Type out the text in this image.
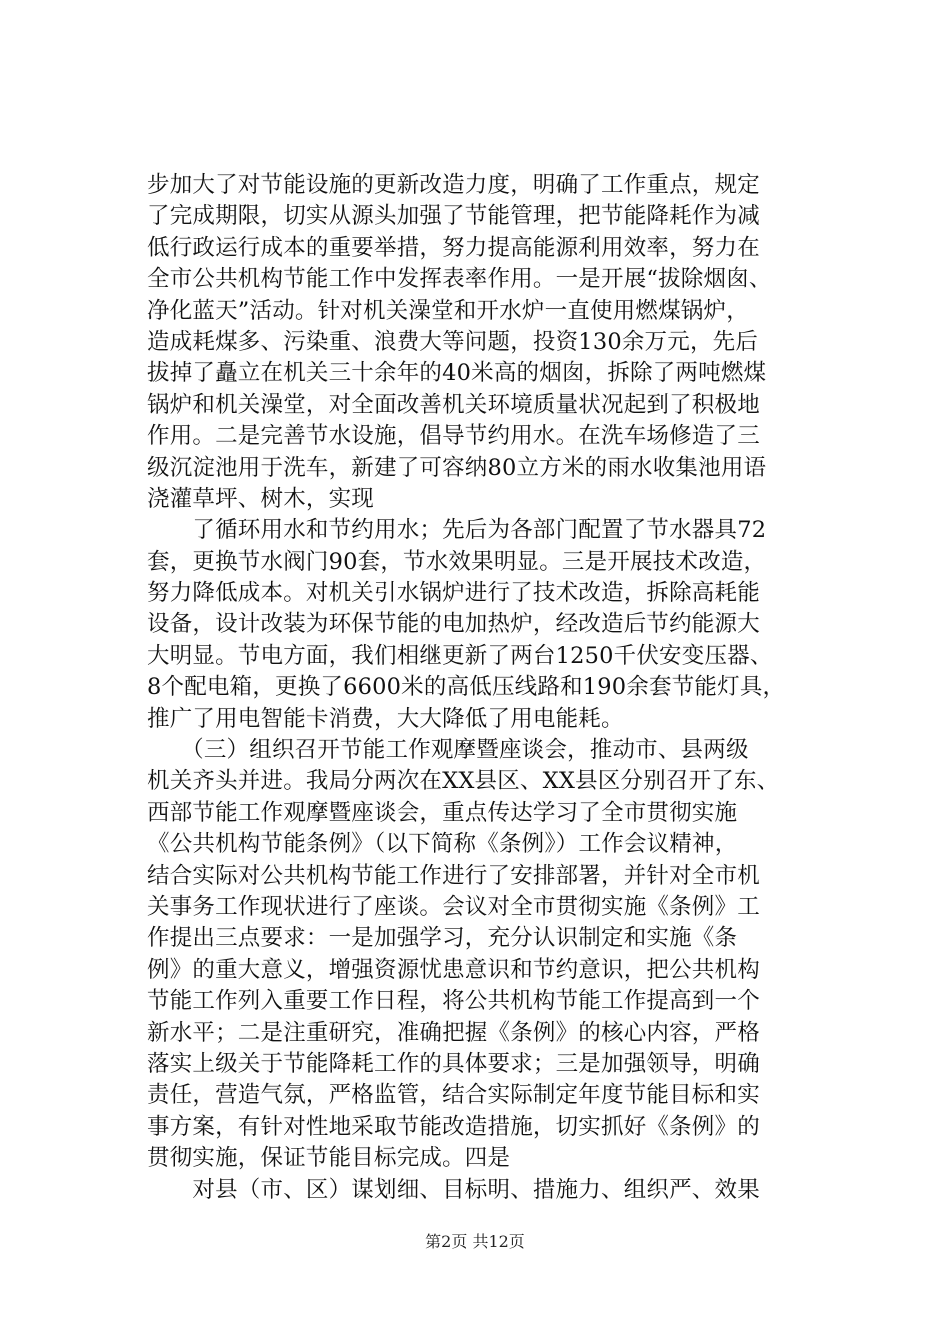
步加大了对节能设施的更新改造力度，明确了工作重点，规定
了完成期限，切实从源头加强了节能管理，把节能降耗作为减
低行政运行成本的重要举措，努力提高能源利用效率，努力在
全市公共机构节能工作中发挥表率作用。一是开展“拔除烟囱、
净化蓝天”活动。针对机关澡堂和开水炉一直使用燃煤锅炉，
造成耗煤多、污染重、浪费大等问题，投资130余万元，先后
拔掉了矗立在机关三十余年的40米高的烟囱，拆除了两吨燃煤
锅炉和机关澡堂，对全面改善机关环境质量状况起到了积极地
作用。二是完善节水设施，倡导节约用水。在洗车场修造了三
级沉淀池用于洗车，新建了可容纳80立方米的雨水收集池用语
浇灌草坪、树木，实现
　　了循环用水和节约用水；先后为各部门配置了节水器具72
套，更换节水阀门90套，节水效果明显。三是开展技术改造，
努力降低成本。对机关引水锅炉进行了技术改造，拆除高耗能
设备，设计改装为环保节能的电加热炉，经改造后节约能源大
大明显。节电方面，我们相继更新了两台1250千伏安变压器、
8个配电箱，更换了6600米的高低压线路和190余套节能灯具，
推广了用电智能卡消费，大大降低了用电能耗。
　　（三）组织召开节能工作观摩暨座谈会，推动市、县两级
机关齐头并进。我局分两次在XX县区、XX县区分别召开了东、
西部节能工作观摩暨座谈会，重点传达学习了全市贯彻实施
《公共机构节能条例》（以下简称《条例》）工作会议精神，
结合实际对公共机构节能工作进行了安排部署，并针对全市机
关事务工作现状进行了座谈。会议对全市贯彻实施《条例》工
作提出三点要求：一是加强学习，充分认识制定和实施《条
例》的重大意义，增强资源忧患意识和节约意识，把公共机构
节能工作列入重要工作日程，将公共机构节能工作提高到一个
新水平；二是注重研究，准确把握《条例》的核心内容，严格
落实上级关于节能降耗工作的具体要求；三是加强领导，明确
责任，营造气氛，严格监管，结合实际制定年度节能目标和实
事方案，有针对性地采取节能改造措施，切实抓好《条例》的
贯彻实施，保证节能目标完成。四是
　　对县（市、区）谋划细、目标明、措施力、组织严、效果
第2页 共12页
